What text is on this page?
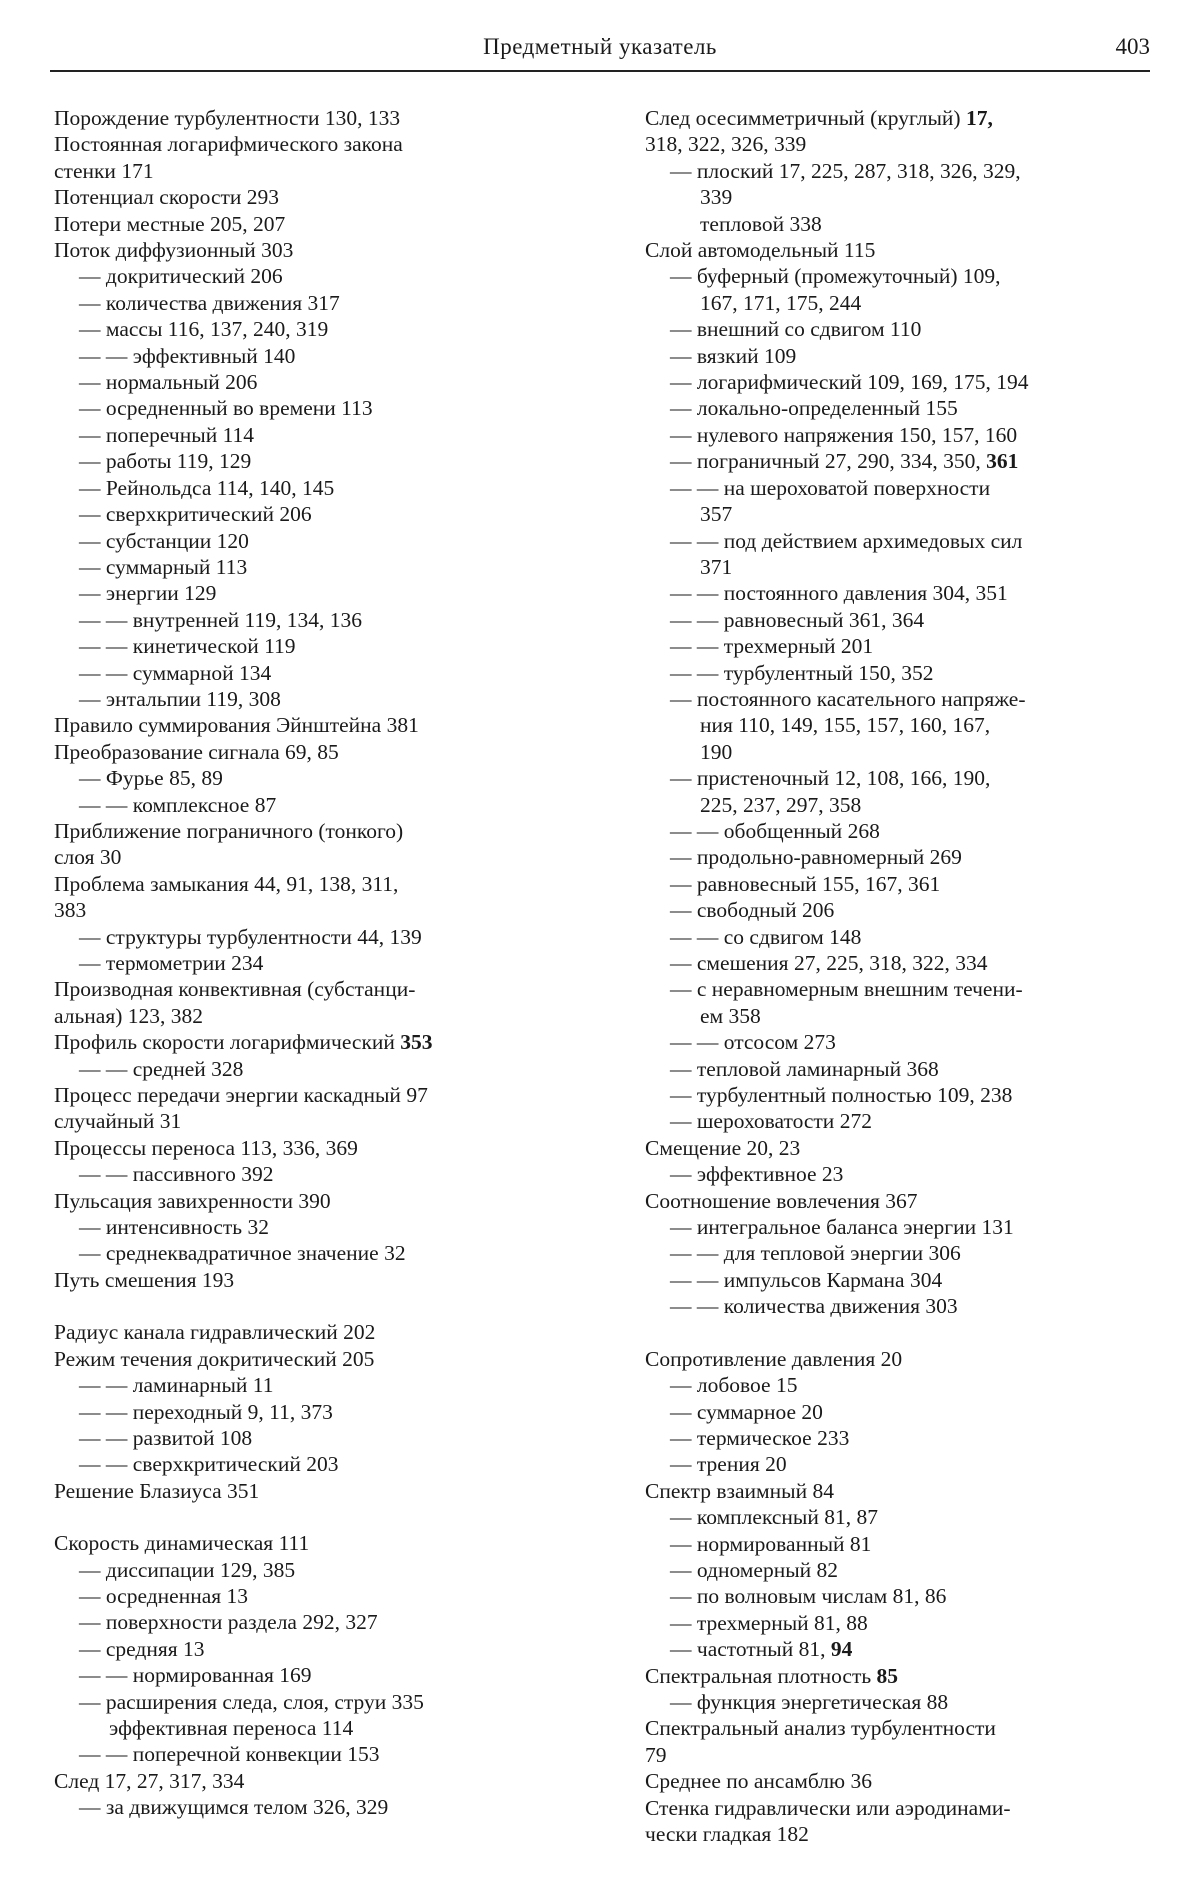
Предметный указатель	403

Порождение турбулентности 130, 133

Постоянная логарифмического закона

стенки 171

Потенциал скорости 293

Потери местные 205, 207

Поток диффузионный 303

— докритический 206

— количества движения 317

— массы 116, 137, 240, 319

— — эффективный 140

— нормальный 206

— осредненный во времени 113

— поперечный 114

— работы 119, 129

— Рейнольдса 114, 140, 145

— сверхкритический 206

— субстанции 120

— суммарный 113

— энергии 129

— — внутренней 119, 134, 136

— — кинетической 119

— — суммарной 134

— энтальпии 119, 308

Правило суммирования Эйнштейна 381

Преобразование сигнала 69, 85

— Фурье 85, 89

— — комплексное 87

Приближение пограничного (тонкого)

слоя 30

Проблема замыкания 44, 91, 138, 311,

383

— структуры турбулентности 44, 139

— термометрии 234

Производная конвективная (субстанци-

альная) 123, 382

Профиль скорости логарифмический 353

— — средней 328

Процесс передачи энергии каскадный 97

случайный 31

Процессы переноса 113, 336, 369

— — пассивного 392

Пульсация завихренности 390

— интенсивность 32

— среднеквадратичное значение 32

Путь смешения 193

Радиус канала гидравлический 202

Режим течения докритический 205

— — ламинарный 11

— — переходный 9, 11, 373

— — развитой 108

— — сверхкритический 203

Решение Блазиуса 351

Скорость динамическая 111

— диссипации 129, 385

— осредненная 13

— поверхности раздела 292, 327

— средняя 13

— — нормированная 169

— расширения следа, слоя, струи 335

эффективная переноса 114

— — поперечной конвекции 153

След 17, 27, 317, 334

— за движущимся телом 326, 329

След осесимметричный (круглый) 17,

318, 322, 326, 339

— плоский 17, 225, 287, 318, 326, 329,

339

тепловой 338

Слой автомодельный 115

— буферный (промежуточный) 109,

167, 171, 175, 244

— внешний со сдвигом 110

— вязкий 109

— логарифмический 109, 169, 175, 194

— локально-определенный 155

— нулевого напряжения 150, 157, 160

— пограничный 27, 290, 334, 350, 361

— — на шероховатой поверхности

357

— — под действием архимедовых сил

371

— — постоянного давления 304, 351

— — равновесный 361, 364

— — трехмерный 201

— — турбулентный 150, 352

— постоянного касательного напряже-

ния 110, 149, 155, 157, 160, 167,

190

— пристеночный 12, 108, 166, 190,

225, 237, 297, 358

— — обобщенный 268

— продольно-равномерный 269

— равновесный 155, 167, 361

— свободный 206

— — со сдвигом 148

— смешения 27, 225, 318, 322, 334

— с неравномерным внешним течени-

ем 358

— — отсосом 273

— тепловой ламинарный 368

— турбулентный полностью 109, 238

— шероховатости 272

Смещение 20, 23

— эффективное 23

Соотношение вовлечения 367

— интегральное баланса энергии 131

— — для тепловой энергии 306

— — импульсов Кармана 304

— — количества движения 303

Сопротивление давления 20

— лобовое 15

— суммарное 20

— термическое 233

— трения 20

Спектр взаимный 84

— комплексный 81, 87

— нормированный 81

— одномерный 82

— по волновым числам 81, 86

— трехмерный 81, 88

— частотный 81, 94

Спектральная плотность 85

— функция энергетическая 88

Спектральный анализ турбулентности

79

Среднее по ансамблю 36

Стенка гидравлически или аэродинами-

чески гладкая 182
